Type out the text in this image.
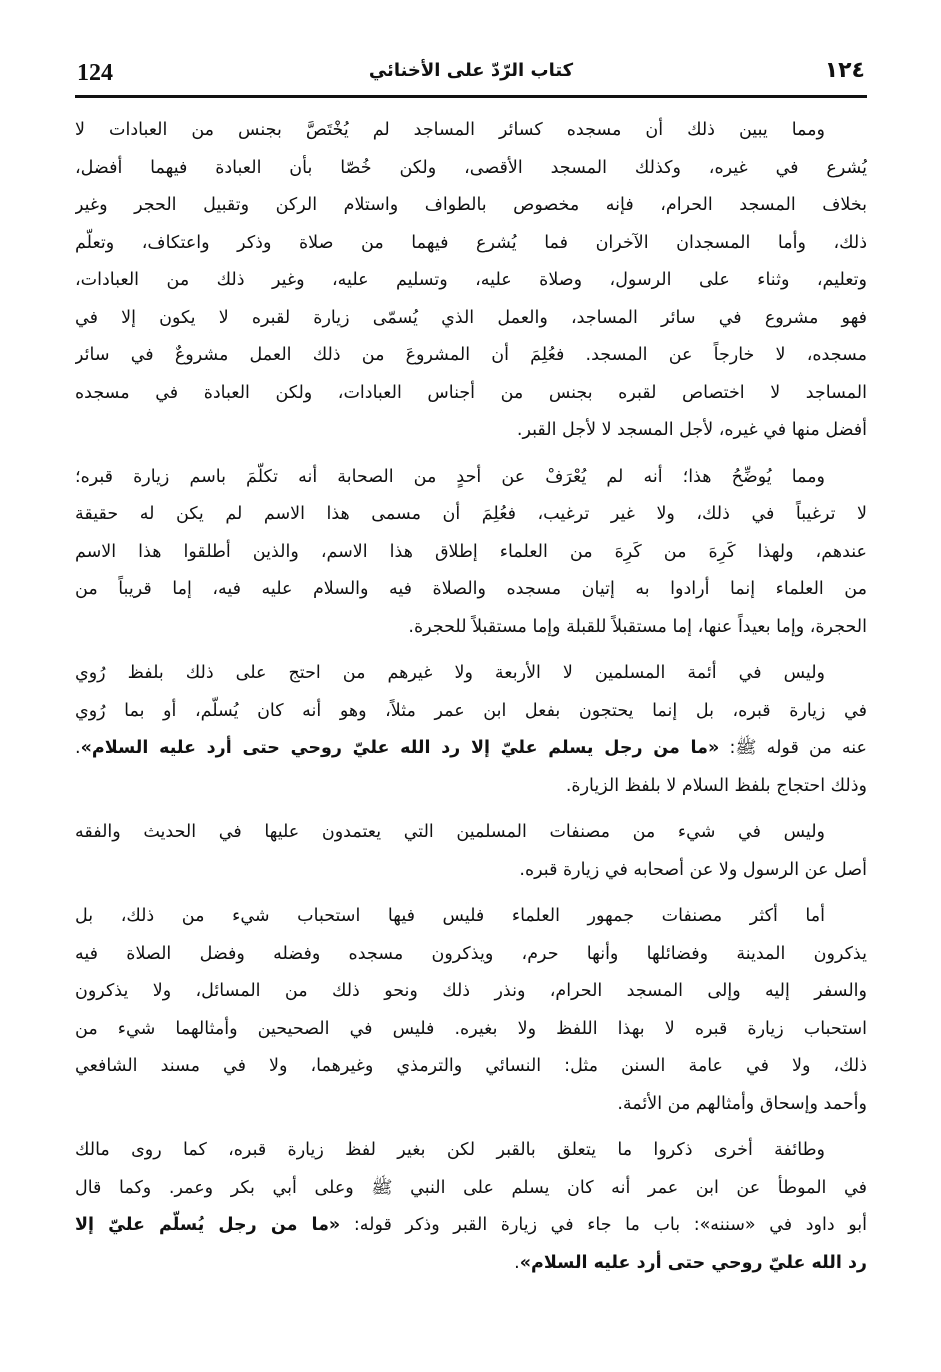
124	كتاب الرّدّ على الأخنائي	١٢٤
ومما يبين ذلك أن مسجده كسائر المساجد لم يُخْتَصَّ بجنس من العبادات لا
يُشرع في غيره، وكذلك المسجد الأقصى، ولكن خُصّا بأن العبادة فيهما أفضل،
بخلاف المسجد الحرام، فإنه مخصوص بالطواف واستلام الركن وتقبيل الحجر وغير
ذلك، وأما المسجدان الآخران فما يُشرع فيهما من صلاة وذكر واعتكاف، وتعلّم
وتعليم، وثناء على الرسول، وصلاة عليه، وتسليم عليه، وغير ذلك من العبادات،
فهو مشروع في سائر المساجد، والعمل الذي يُسمّى زيارة لقبره لا يكون إلا في
مسجده، لا خارجاً عن المسجد. فعُلِمَ أن المشروعَ من ذلك العمل مشروعٌ في سائر
المساجد لا اختصاص لقبره بجنس من أجناس العبادات، ولكن العبادة في مسجده
أفضل منها في غيره، لأجل المسجد لا لأجل القبر.
ومما يُوضِّحُ هذا؛ أنه لم يُعْرَفْ عن أحدٍ من الصحابة أنه تكلّمَ باسم زيارة قبره؛
لا ترغيباً في ذلك، ولا غير ترغيب، فعُلِمَ أن مسمى هذا الاسم لم يكن له حقيقة
عندهم، ولهذا كَرِهَ من كَرِهَ من العلماء إطلاق هذا الاسم، والذين أطلقوا هذا الاسم
من العلماء إنما أرادوا به إتيان مسجده والصلاة فيه والسلام عليه فيه، إما قريباً من
الحجرة، وإما بعيداً عنها، إما مستقبلاً للقبلة وإما مستقبلاً للحجرة.
وليس في أئمة المسلمين لا الأربعة ولا غيرهم من احتج على ذلك بلفظ رُوي
في زيارة قبره، بل إنما يحتجون بفعل ابن عمر مثلاً، وهو أنه كان يُسلّم، أو بما رُوي
عنه من قوله ﷺ: «ما من رجل يسلم عليّ إلا رد الله عليّ روحي حتى أرد عليه السلام».
وذلك احتجاج بلفظ السلام لا بلفظ الزيارة.
وليس في شيء من مصنفات المسلمين التي يعتمدون عليها في الحديث والفقه
أصل عن الرسول ولا عن أصحابه في زيارة قبره.
أما أكثر مصنفات جمهور العلماء فليس فيها استحباب شيء من ذلك، بل
يذكرون المدينة وفضائلها وأنها حرم، ويذكرون مسجده وفضله وفضل الصلاة فيه
والسفر إليه وإلى المسجد الحرام، ونذر ذلك ونحو ذلك من المسائل، ولا يذكرون
استحباب زيارة قبره لا بهذا اللفظ ولا بغيره. فليس في الصحيحين وأمثالهما شيء من
ذلك، ولا في عامة السنن مثل: النسائي والترمذي وغيرهما، ولا في مسند الشافعي
وأحمد وإسحاق وأمثالهم من الأئمة.
وطائفة أخرى ذكروا ما يتعلق بالقبر لكن بغير لفظ زيارة قبره، كما روى مالك
في الموطأ عن ابن عمر أنه كان يسلم على النبي ﷺ وعلى أبي بكر وعمر. وكما قال
أبو داود في «سننه»: باب ما جاء في زيارة القبر وذكر قوله: «ما من رجل يُسلّم عليّ إلا
رد الله عليّ روحي حتى أرد عليه السلام».
